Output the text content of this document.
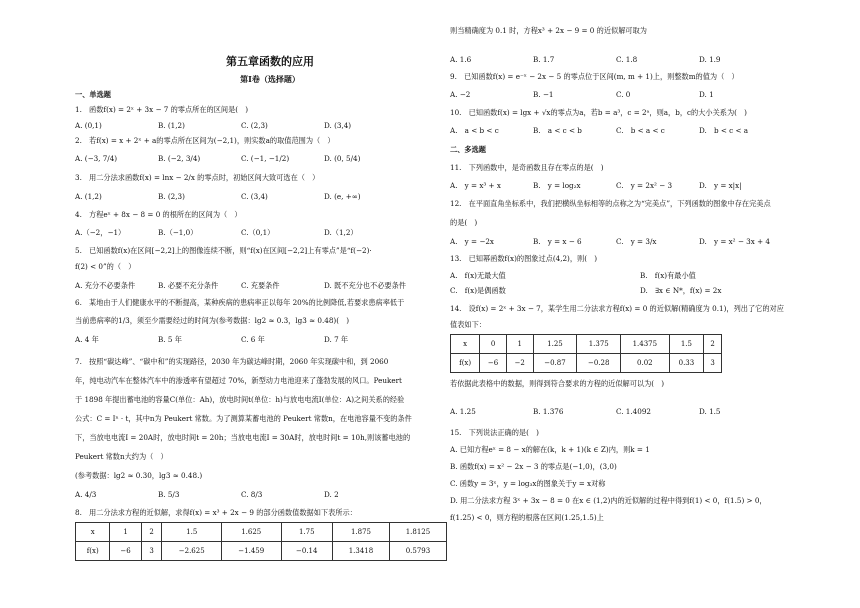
第五章函数的应用
第I卷（选择题）
一、单选题
1.　函数f(x) = 2ˣ + 3x − 7 的零点所在的区间是(　)
A. (0,1)	B. (1,2)	C. (2,3)	D. (3,4)
2.　若f(x) = x + 2ˣ + a的零点所在区间为(−2,1)，则实数a的取值范围为（　）
A. (−3, 7/4)	B. (−2, 3/4)	C. (−1, −1/2)	D. (0, 5/4)
3.　用二分法求函数f(x) = lnx − 2/x 的零点时，初始区间大致可选在（　）
A. (1,2)	B. (2,3)	C. (3,4)	D. (e, +∞)
4.　方程eˣ + 8x − 8 = 0 的根所在的区间为（　）
A.（−2，−1）	B.（−1,0）	C.（0,1）	D.（1,2）
5.　已知函数f(x)在区间[−2,2]上的图像连续不断，则“f(x)在区间[−2,2]上有零点”是“f(−2)·
f(2) < 0”的（　）
A. 充分不必要条件	B. 必要不充分条件	C. 充要条件	D. 既不充分也不必要条件
6.　某地由于人们健康水平的不断提高，某种疾病的患病率正以每年 20%的比例降低,若要求患病率低于
当前患病率的1/3，须至少需要经过的时间为(参考数据：lg2 ≈ 0.3，lg3 ≈ 0.48)(　)
A. 4 年	B. 5 年	C. 6 年	D. 7 年
7.　按照“碳达峰”、“碳中和”的实现路径，2030 年为碳达峰时期，2060 年实现碳中和，到 2060
年，纯电动汽车在整体汽车中的渗透率有望超过 70%，新型动力电池迎来了蓬勃发展的风口。Peukert
于 1898 年提出蓄电池的容量C(单位：Ah)，放电时间t(单位：h)与放电电流I(单位：A)之间关系的经验
公式：C = Iⁿ · t，其中n为 Peukert 常数。为了测算某蓄电池的 Peukert 常数n，在电池容量不变的条件
下，当放电电流I = 20A时，放电时间t = 20h；当放电电流I = 30A时，放电时间t = 10h,则该蓄电池的
Peukert 常数n大约为（　）
(参考数据：lg2 ≈ 0.30，lg3 ≈ 0.48.)
A. 4/3	B. 5/3	C. 8/3	D. 2
8.　用二分法求方程的近似解，求得f(x) = x³ + 2x − 9 的部分函数值数据如下表所示：
x	1	2	1.5	1.625	1.75	1.875	1.8125
f(x)	−6	3	−2.625	−1.459	−0.14	1.3418	0.5793
则当精确度为 0.1 时，方程x³ + 2x − 9 = 0 的近似解可取为
A. 1.6	B. 1.7	C. 1.8	D. 1.9
9.　已知函数f(x) = e⁻ˣ − 2x − 5 的零点位于区间(m, m + 1)上，则整数m的值为（　）
A. −2	B. −1	C. 0	D. 1
10.　已知函数f(x) = lgx + √x的零点为a，若b = a³，c = 2ᵃ，则a，b，c的大小关系为(　)
A.　a < b < c	B.　a < c < b	C.　b < a < c	D.　b < c < a
二、多选题
11.　下列函数中，是奇函数且存在零点的是(　)
A.　y = x³ + x	B.　y = log₂x	C.　y = 2x² − 3	D.　y = x|x|
12.　在平面直角坐标系中，我们把横纵坐标相等的点称之为“完美点”，下列函数的图象中存在完美点
的是(　)
A.　y = −2x	B.　y = x − 6	C.　y = 3/x	D.　y = x² − 3x + 4
13.　已知幂函数f(x)的图象过点(4,2)，则(　)
A.　f(x)无最大值	B.　f(x)有最小值
C.　f(x)是偶函数	D.　∃x ∈ N*，f(x) = 2x
14.　设f(x) = 2ˣ + 3x − 7，某学生用二分法求方程f(x) = 0 的近似解(精确度为 0.1)，列出了它的对应
值表如下：
x	0	1	1.25	1.375	1.4375	1.5	2
f(x)	−6	−2	−0.87	−0.28	0.02	0.33	3
若依据此表格中的数据，则得到符合要求的方程的近似解可以为(　)
A. 1.25	B. 1.376	C. 1.4092	D. 1.5
15.　下列说法正确的是(　)
A. 已知方程eˣ = 8 − x的解在(k，k + 1)(k ∈ Z)内，则k = 1
B. 函数f(x) = x² − 2x − 3 的零点是(−1,0)，(3,0)
C. 函数y = 3ˣ，y = log₃x的图象关于y = x对称
D. 用二分法求方程 3ˣ + 3x − 8 = 0 在x ∈ (1,2)内的近似解的过程中得到f(1) < 0，f(1.5) > 0，
f(1.25) < 0，则方程的根落在区间(1.25,1.5)上
